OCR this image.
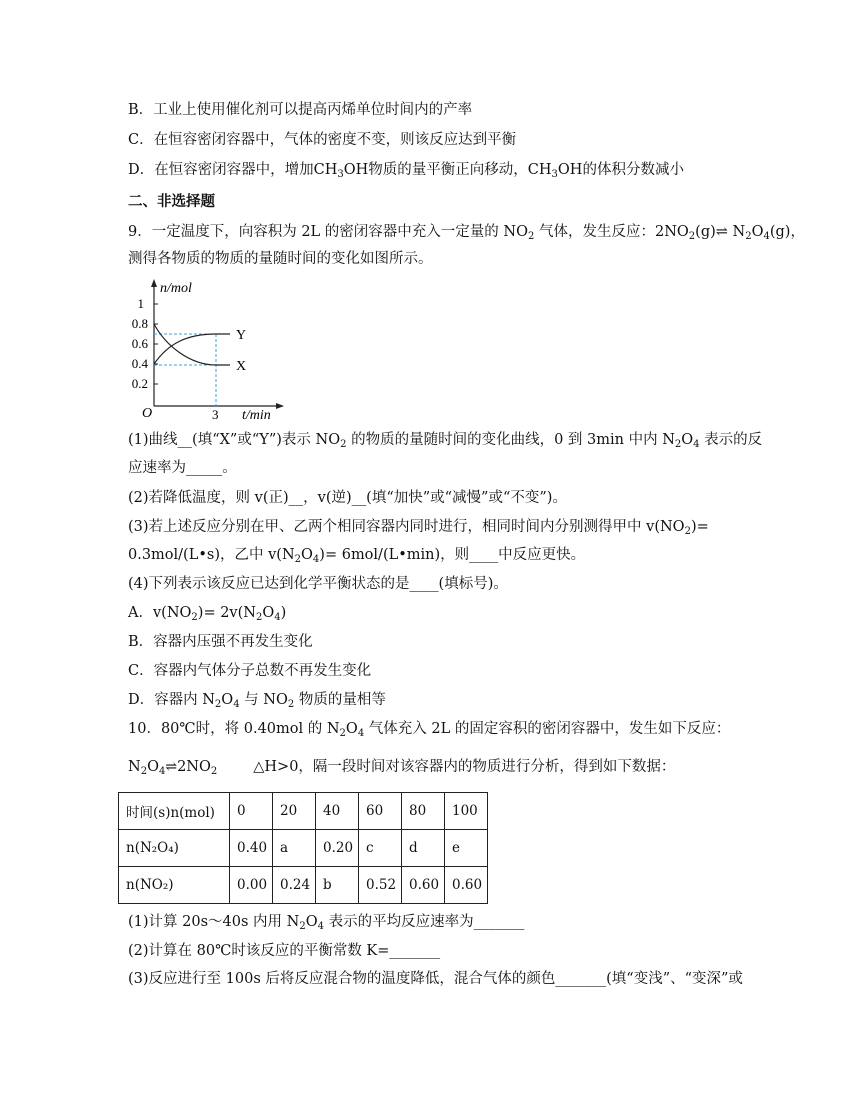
B．工业上使用催化剂可以提高丙烯单位时间内的产率
C．在恒容密闭容器中，气体的密度不变，则该反应达到平衡
D．在恒容密闭容器中，增加$CH_3OH$物质的量平衡正向移动，$CH_3OH$的体积分数减小
二、非选择题
9．一定温度下，向容积为 2L 的密闭容器中充入一定量的 $NO_2$ 气体，发生反应：$2NO_2(g)\rightleftharpoons$ $N_2O_4(g)$，
测得各物质的物质的量随时间的变化如图所示。
n/mol
1
0.8
0.6
0.4
0.2
O	3 t/min
Y
X
(1)曲线__(填“X”或“Y”)表示 $NO_2$ 的物质的量随时间的变化曲线，0 到 3min 中内 $N_2O_4$ 表示的反
应速率为_____。
(2)若降低温度，则 v(正)__，v(逆)__(填“加快”或“减慢”或“不变”)。
(3)若上述反应分别在甲、乙两个相同容器内同时进行，相同时间内分别测得甲中 $v(NO_2)=$
0.3mol/(L•s)，乙中 $v(N_2O_4)=$ 6mol/(L•min)，则____中反应更快。
(4)下列表示该反应已达到化学平衡状态的是____(填标号)。
A．$v(NO_2)= 2v(N_2O_4)$
B．容器内压强不再发生变化
C．容器内气体分子总数不再发生变化
D．容器内 $N_2O_4$ 与 $NO_2$ 物质的量相等
10．80℃时，将 0.40mol 的 $N_2O_4$ 气体充入 2L 的固定容积的密闭容器中，发生如下反应：
$N_2O_4\rightleftharpoons 2NO_2$ △H>0，隔一段时间对该容器内的物质进行分析，得到如下数据：
时间(s)n(mol)	0	20	40	60	80	100
n(N₂O₄)	0.40	a	0.20	c	d	e
n(NO₂)	0.00	0.24	b	0.52	0.60	0.60
(1)计算 20s～40s 内用 $N_2O_4$ 表示的平均反应速率为_______
(2)计算在 80℃时该反应的平衡常数 K=_______
(3)反应进行至 100s 后将反应混合物的温度降低，混合气体的颜色_______(填“变浅”、“变深”或
